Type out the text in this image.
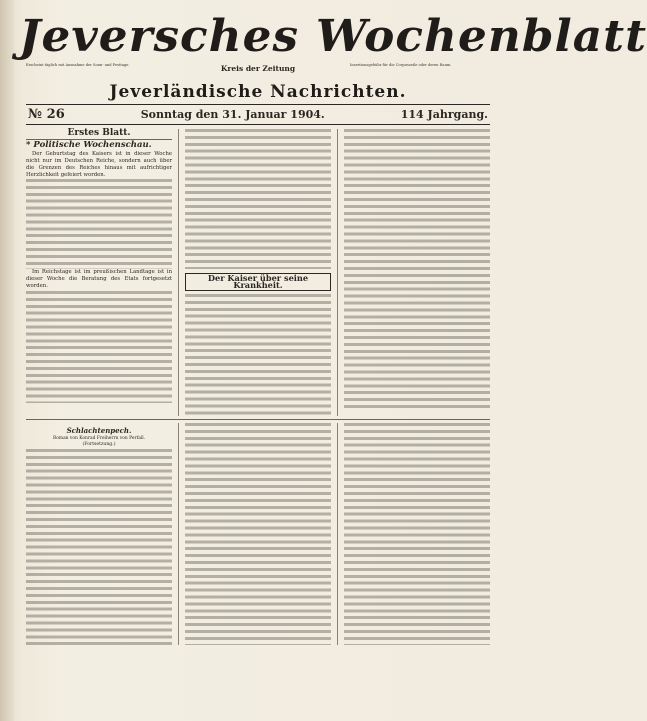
Jeversches Wochenblatt
Erscheint täglich mit Ausnahme der Sonn- und Festtage.	Kreis der Zeitung	Insertionsgebühr für die Corpuszeile oder deren Raum.
Jeverländische Nachrichten.
№ 26	Sonntag den 31. Januar 1904.	114 Jahrgang.
Erstes Blatt.
* Politische Wochenschau.

Der Geburtstag des Kaisers ist in dieser Woche nicht nur im Deutschen Reiche, sondern auch über die Grenzen des Reiches hinaus mit aufrichtiger Herzlichkeit gefeiert worden.

Im Reichstage ist im preußischen Landtage ist in dieser Woche die Beratung des Etats fortgesetzt worden.

Der Kaiser über seine Krankheit.
Schlachtenpech.
Roman von Konrad Freiherrn von Perfall.
(Fortsetzung.)
